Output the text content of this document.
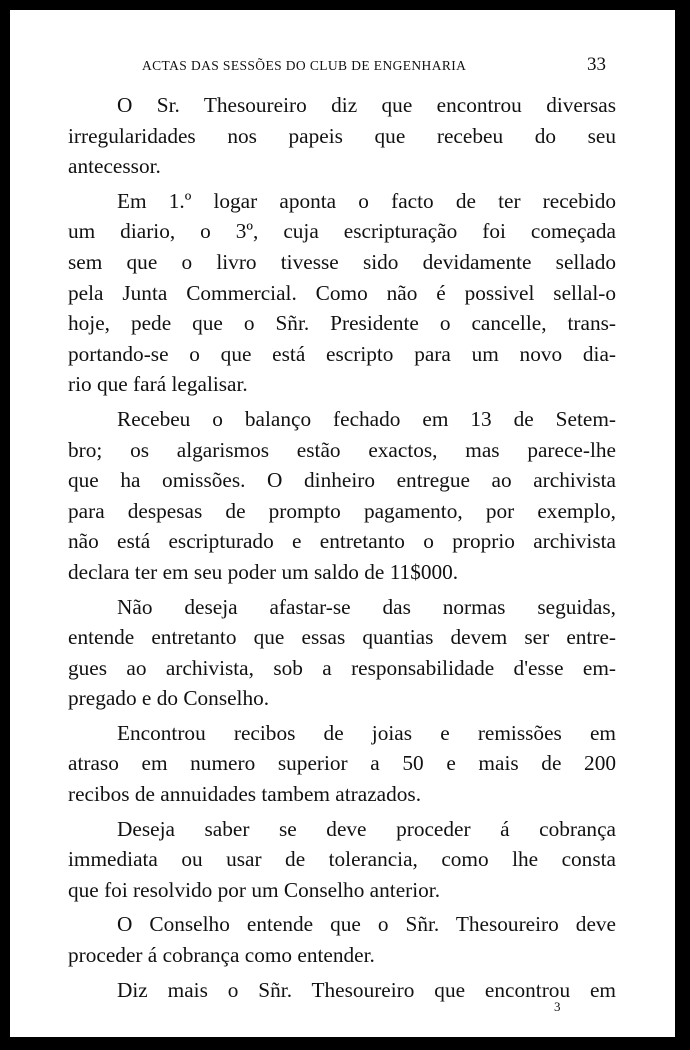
ACTAS DAS SESSÕES DO CLUB DE ENGENHARIA	33
O Sr. Thesoureiro diz que encontrou diversas
irregularidades nos papeis que recebeu do seu
antecessor.
Em 1.º logar aponta o facto de ter recebido
um diario, o 3º, cuja escripturação foi começada
sem que o livro tivesse sido devidamente sellado
pela Junta Commercial. Como não é possivel sellal-o
hoje, pede que o Sñr. Presidente o cancelle, trans-
portando-se o que está escripto para um novo dia-
rio que fará legalisar.
Recebeu o balanço fechado em 13 de Setem-
bro; os algarismos estão exactos, mas parece-lhe
que ha omissões. O dinheiro entregue ao archivista
para despesas de prompto pagamento, por exemplo,
não está escripturado e entretanto o proprio archivista
declara ter em seu poder um saldo de 11$000.
Não deseja afastar-se das normas seguidas,
entende entretanto que essas quantias devem ser entre-
gues ao archivista, sob a responsabilidade d'esse em-
pregado e do Conselho.
Encontrou recibos de joias e remissões em
atraso em numero superior a 50 e mais de 200
recibos de annuidades tambem atrazados.
Deseja saber se deve proceder á cobrança
immediata ou usar de tolerancia, como lhe consta
que foi resolvido por um Conselho anterior.
O Conselho entende que o Sñr. Thesoureiro deve
proceder á cobrança como entender.
Diz mais o Sñr. Thesoureiro que encontrou em
3
